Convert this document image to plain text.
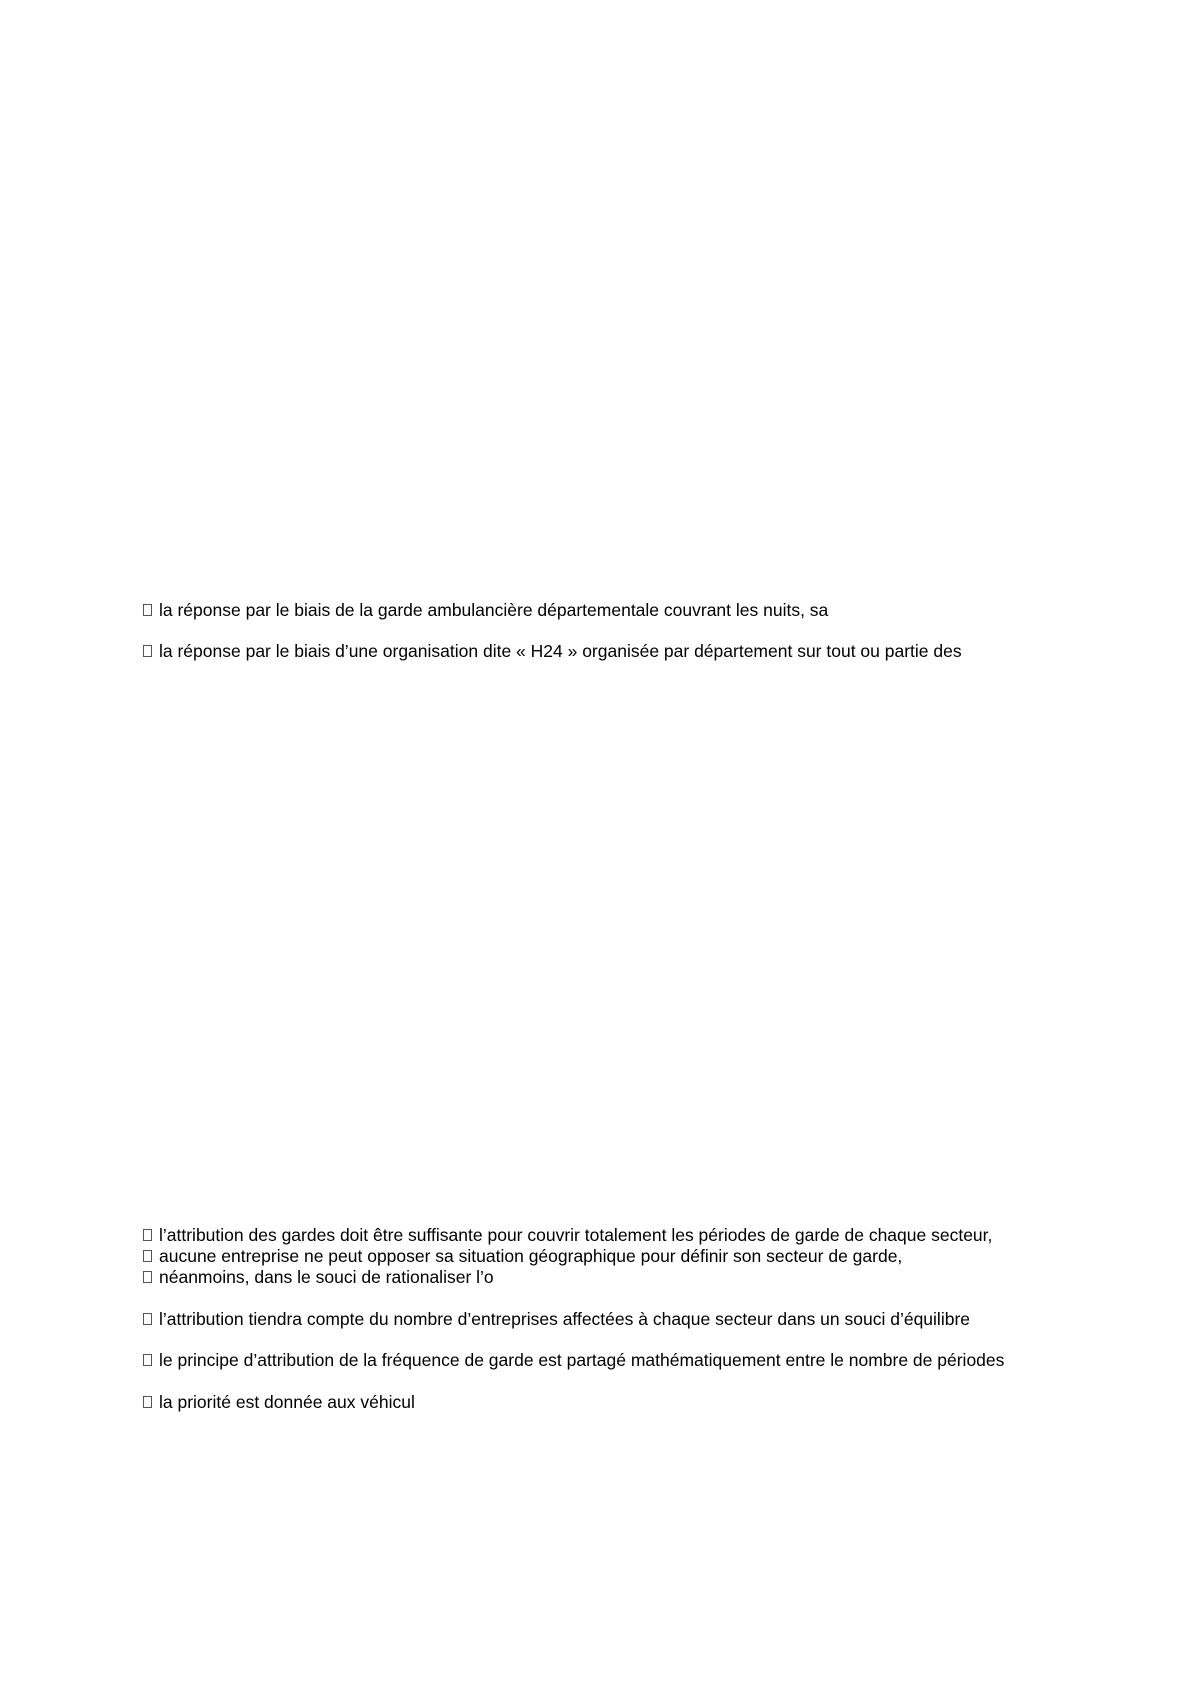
la réponse par le biais de la garde ambulancière départementale couvrant les nuits, sa
la réponse par le biais d’une organisation dite « H24 » organisée par département sur tout ou partie des
l’attribution des gardes doit être suffisante pour couvrir totalement les périodes de garde de chaque secteur,
aucune entreprise ne peut opposer sa situation géographique pour définir son secteur de garde,
néanmoins, dans le souci de rationaliser l’o
l’attribution tiendra compte du nombre d’entreprises affectées à chaque secteur dans un souci d’équilibre
le principe d’attribution de la fréquence de garde est partagé mathématiquement entre le nombre de périodes
la priorité est donnée aux véhicul
